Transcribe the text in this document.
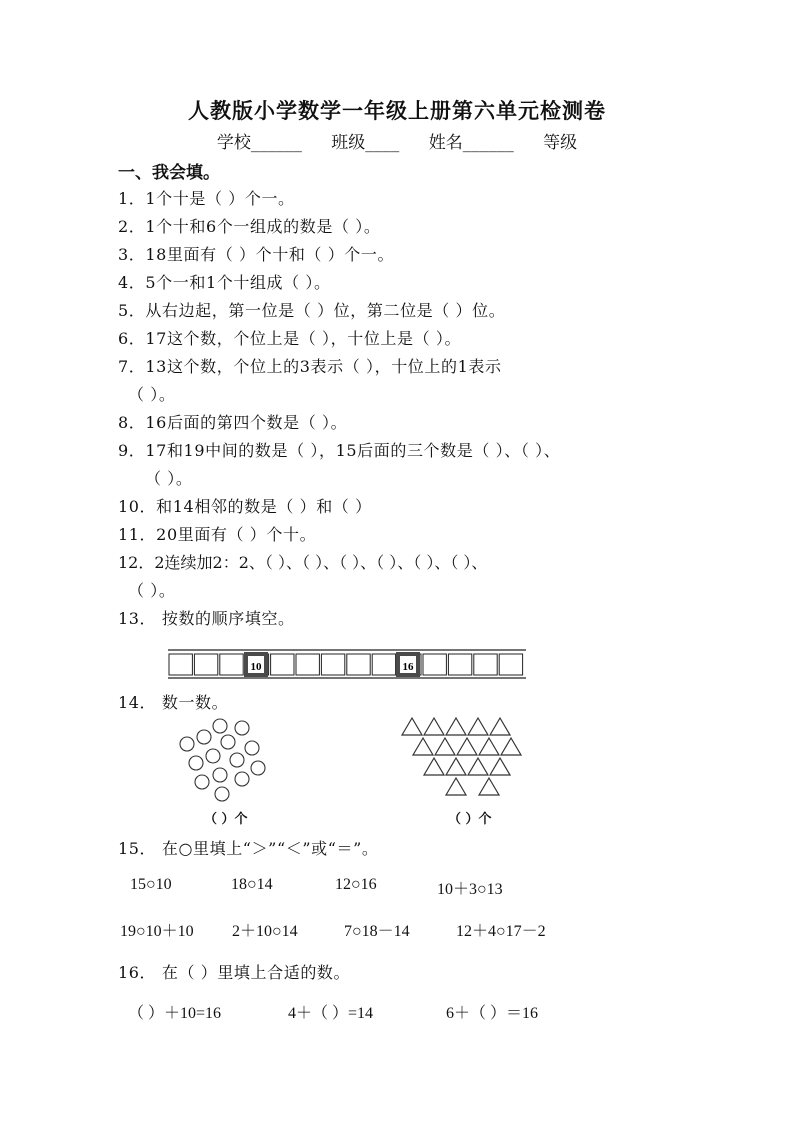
人教版小学数学一年级上册第六单元检测卷
学校______ 班级____ 姓名______ 等级
一、我会填。
1．1个十是（ ）个一。
2．1个十和6个一组成的数是（ ）。
3．18里面有（ ）个十和（ ）个一。
4．5个一和1个十组成（ ）。
5．从右边起，第一位是（ ）位，第二位是（ ）位。
6．17这个数，个位上是（ ），十位上是（ ）。
7．13这个数，个位上的3表示（ ），十位上的1表示
（ ）。
8．16后面的第四个数是（ ）。
9．17和19中间的数是（ ），15后面的三个数是（ ）、（ ）、
（ ）。
10．和14相邻的数是（ ）和（ ）
11．20里面有（ ）个十。
12．2连续加2：2、（ ）、（ ）、（ ）、（ ）、（ ）、（ ）、
（ ）。
13． 按数的顺序填空。
10	16
14． 数一数。
（ ）个	（ ）个
15． 在○里填上“＞”“＜”或“＝”。
15○10	18○14	12○16	10＋3○13
19○10＋10 2＋10○14	7○18－14	12＋4○17－2
16． 在（ ）里填上合适的数。
（ ）＋10=16	4＋（ ）=14	6＋（ ）＝16
